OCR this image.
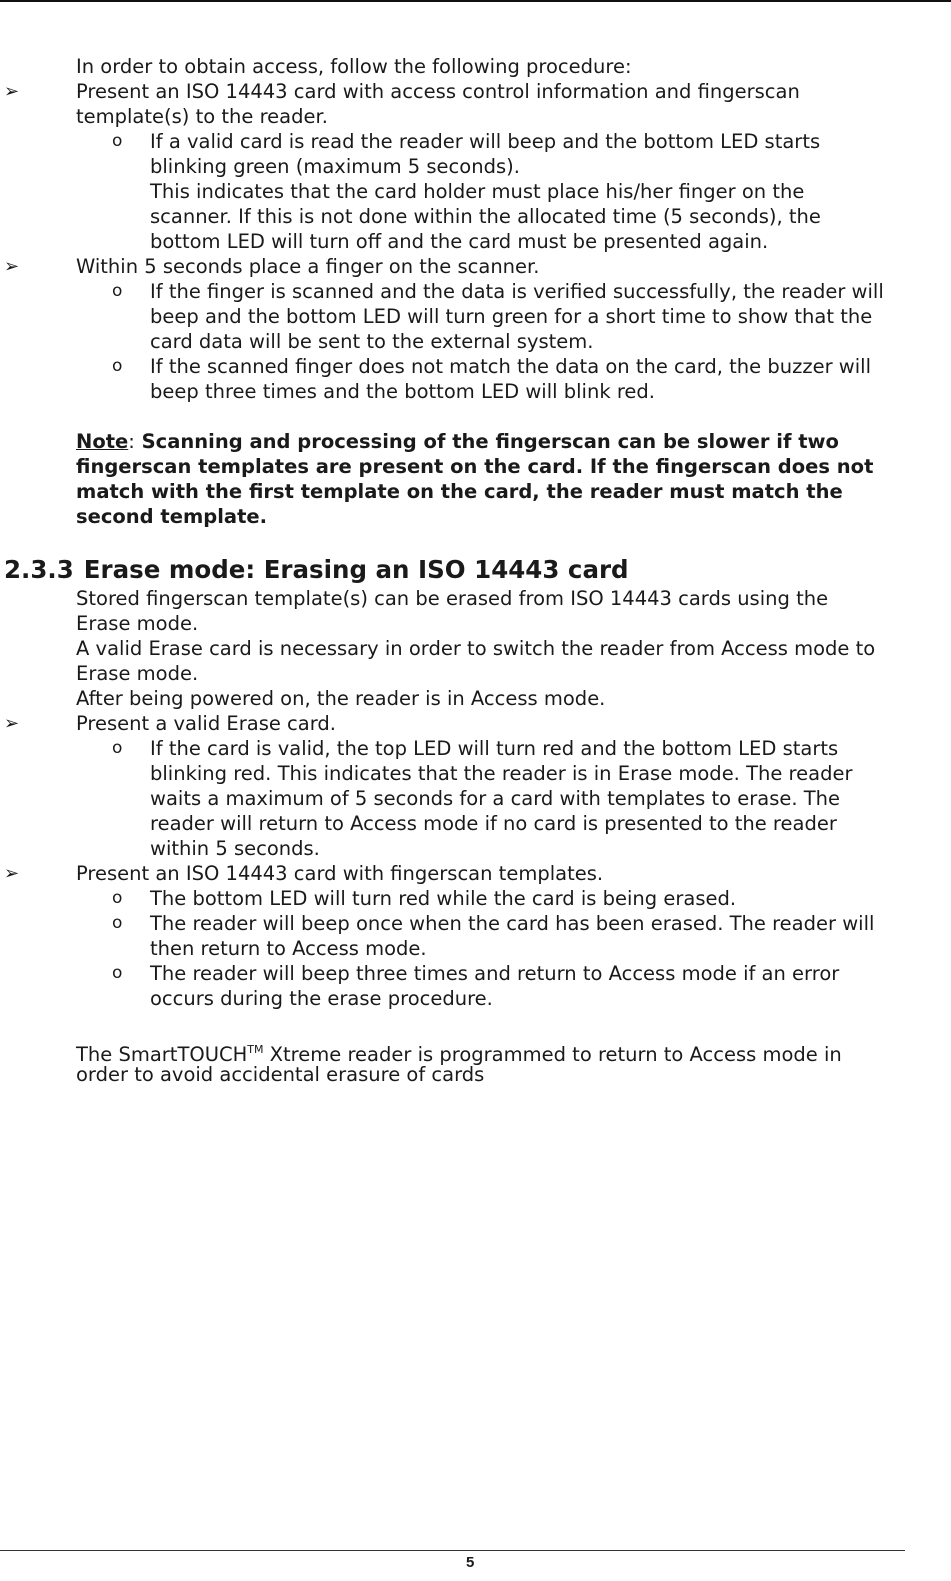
In order to obtain access, follow the following procedure:
➢	Present an ISO 14443 card with access control information and fingerscan
template(s) to the reader.
o If a valid card is read the reader will beep and the bottom LED starts
blinking green (maximum 5 seconds).
This indicates that the card holder must place his/her finger on the
scanner. If this is not done within the allocated time (5 seconds), the
bottom LED will turn off and the card must be presented again.
➢	Within 5 seconds place a finger on the scanner.
o If the finger is scanned and the data is verified successfully, the reader will
beep and the bottom LED will turn green for a short time to show that the
card data will be sent to the external system.
o If the scanned finger does not match the data on the card, the buzzer will
beep three times and the bottom LED will blink red.
Note: Scanning and processing of the fingerscan can be slower if two
fingerscan templates are present on the card. If the fingerscan does not
match with the first template on the card, the reader must match the
second template.
2.3.3 Erase mode: Erasing an ISO 14443 card
Stored fingerscan template(s) can be erased from ISO 14443 cards using the
Erase mode.
A valid Erase card is necessary in order to switch the reader from Access mode to
Erase mode.
After being powered on, the reader is in Access mode.
➢	Present a valid Erase card.
o If the card is valid, the top LED will turn red and the bottom LED starts
blinking red. This indicates that the reader is in Erase mode. The reader
waits a maximum of 5 seconds for a card with templates to erase. The
reader will return to Access mode if no card is presented to the reader
within 5 seconds.
➢	Present an ISO 14443 card with fingerscan templates.
o The bottom LED will turn red while the card is being erased.
o The reader will beep once when the card has been erased. The reader will
then return to Access mode.
o The reader will beep three times and return to Access mode if an error
occurs during the erase procedure.
The SmartTOUCH™ Xtreme reader is programmed to return to Access mode in
order to avoid accidental erasure of cards
5
